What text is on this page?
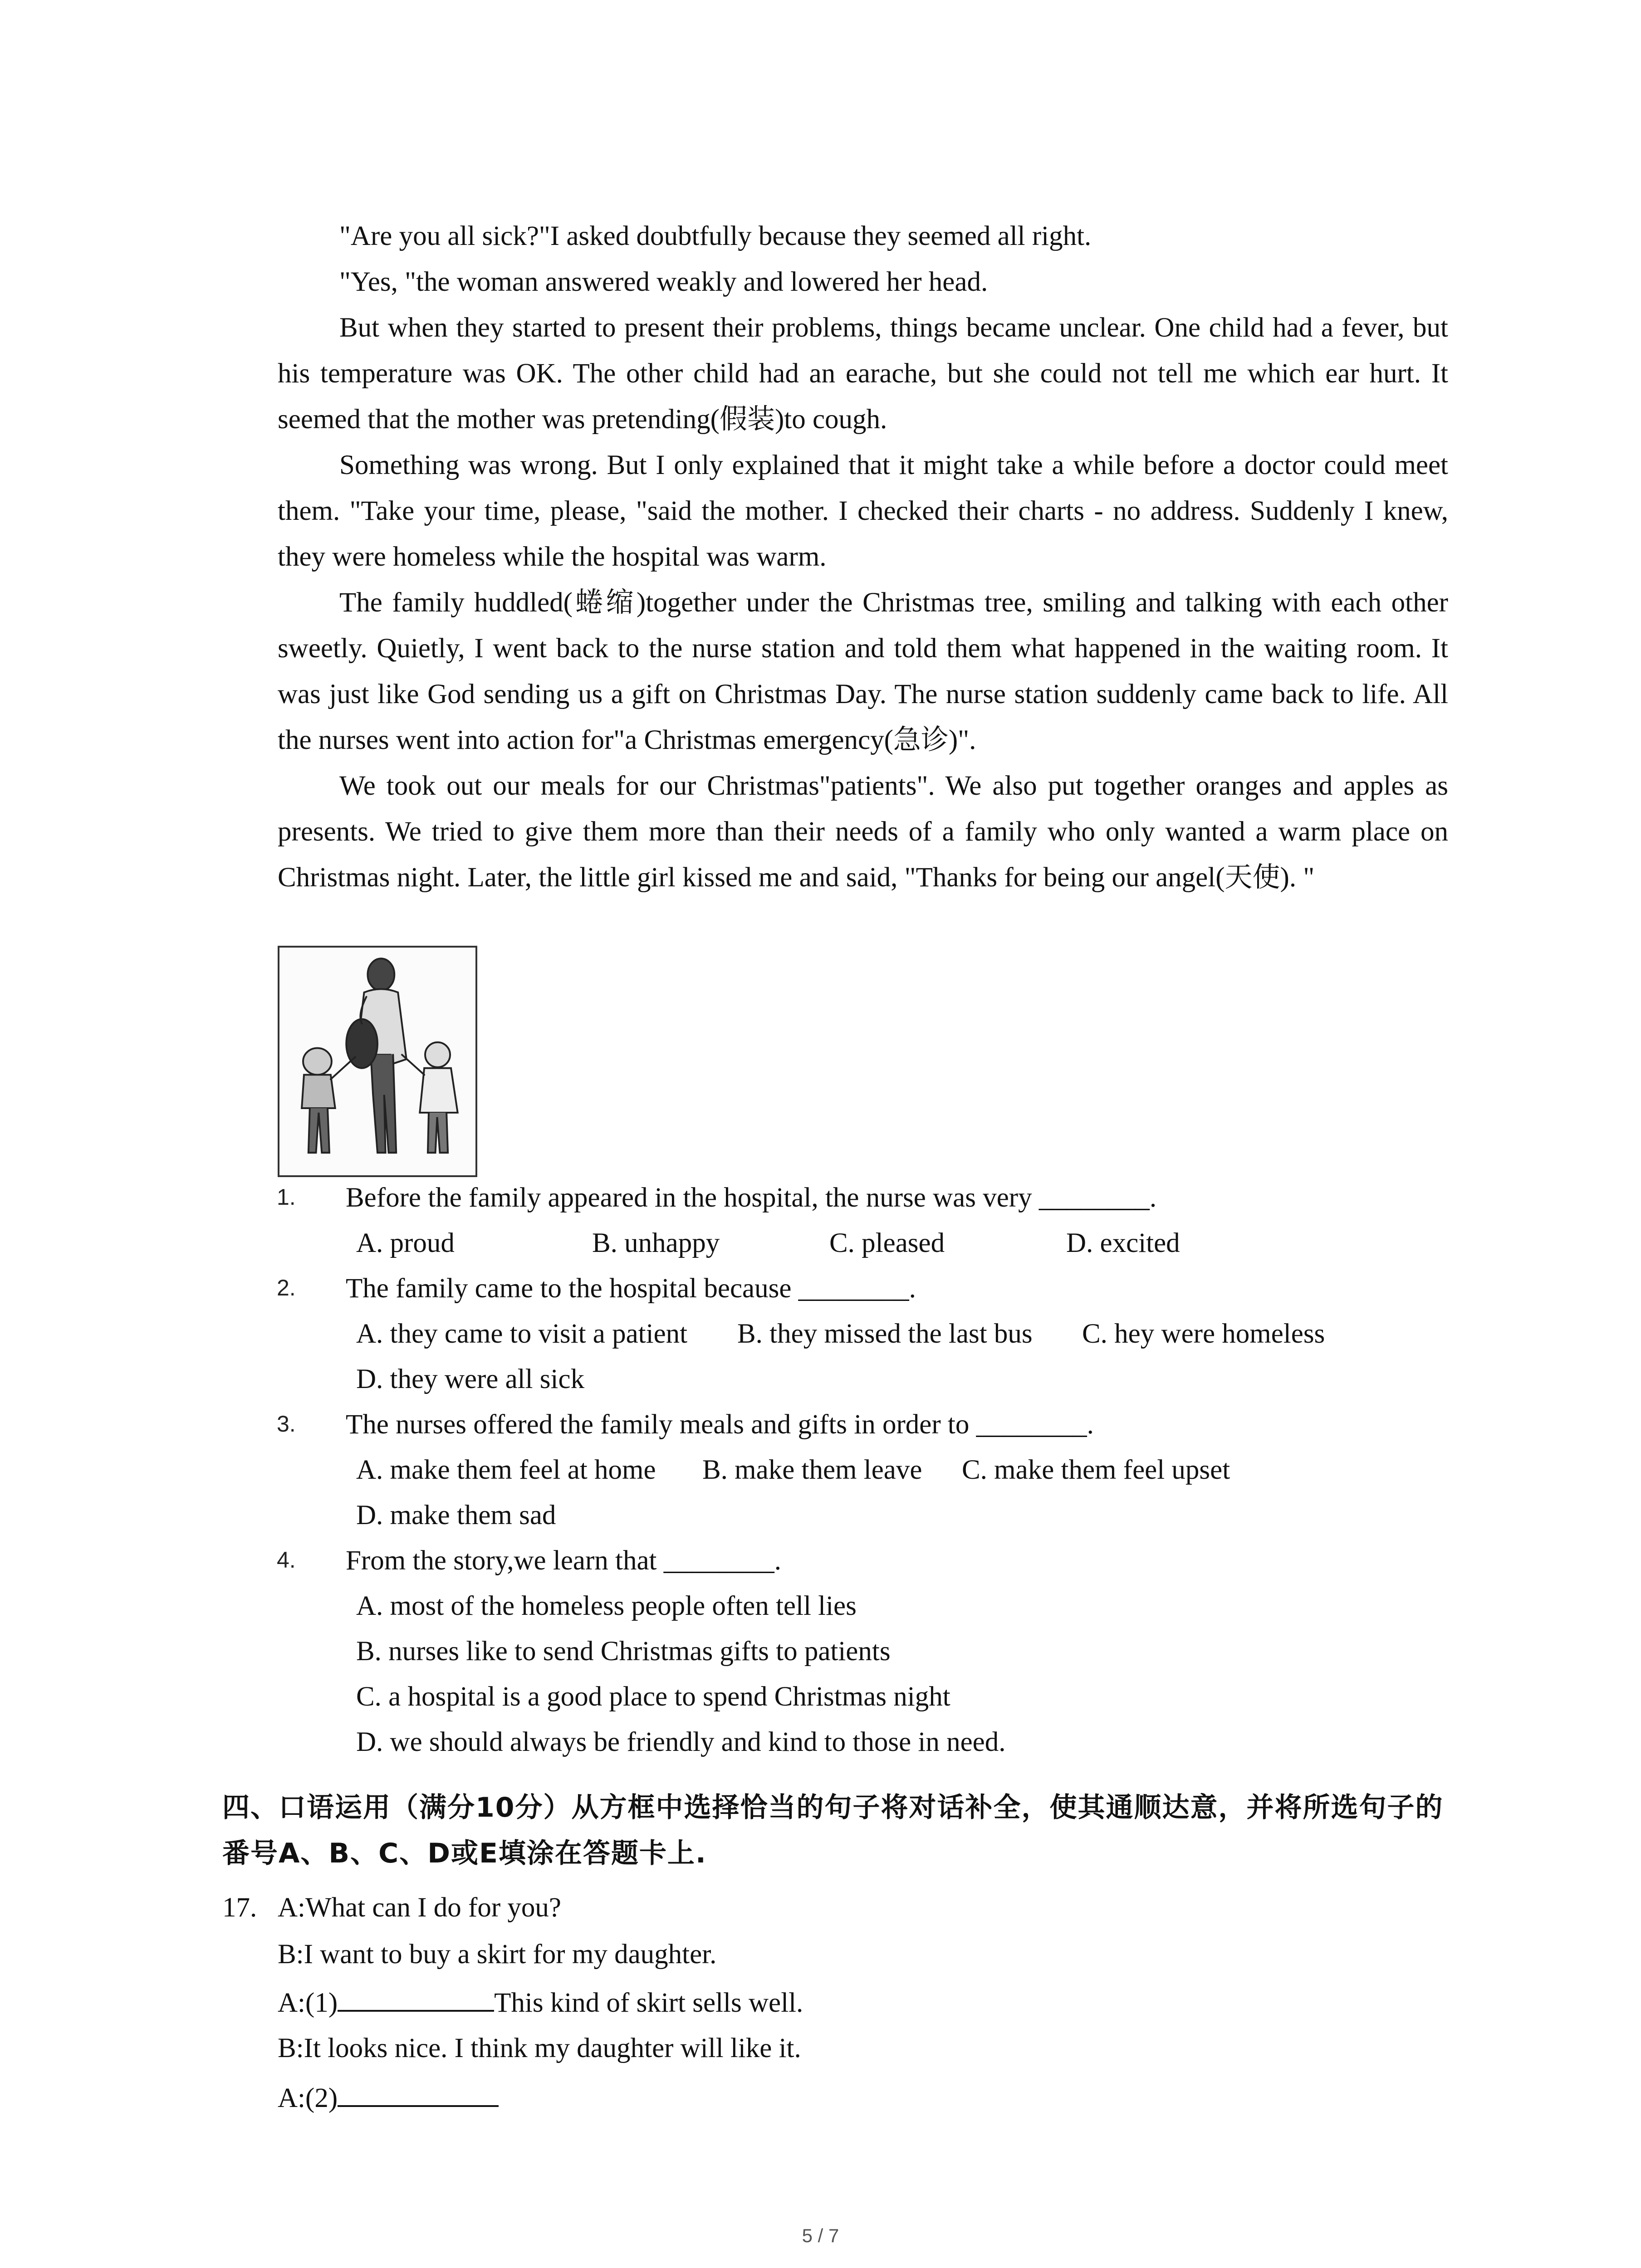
"Are you all sick?"I asked doubtfully because they seemed all right.

"Yes, "the woman answered weakly and lowered her head.

But when they started to present their problems, things became unclear. One child had a fever, but his temperature was OK. The other child had an earache, but she could not tell me which ear hurt. It seemed that the mother was pretending(假装)to cough.

Something was wrong. But I only explained that it might take a while before a doctor could meet them. "Take your time, please, "said the mother. I checked their charts - no address. Suddenly I knew, they were homeless while the hospital was warm.

The family huddled(蜷缩)together under the Christmas tree, smiling and talking with each other sweetly. Quietly, I went back to the nurse station and told them what happened in the waiting room. It was just like God sending us a gift on Christmas Day. The nurse station suddenly came back to life. All the nurses went into action for"a Christmas emergency(急诊)".

We took out our meals for our Christmas"patients". We also put together oranges and apples as presents. We tried to give them more than their needs of a family who only wanted a warm place on Christmas night. Later, the little girl kissed me and said, "Thanks for being our angel(天使). "

1. Before the family appeared in the hospital, the nurse was very ________.
A. proud	B. unhappy	C. pleased	D. excited
2. The family came to the hospital because ________.
A. they came to visit a patient B. they missed the last bus C. hey were homeless
D. they were all sick
3. The nurses offered the family meals and gifts in order to ________.
A. make them feel at home B. make them leave C. make them feel upset
D. make them sad
4. From the story,we learn that ________.
A. most of the homeless people often tell lies
B. nurses like to send Christmas gifts to patients
C. a hospital is a good place to spend Christmas night
D. we should always be friendly and kind to those in need.
四、口语运用（满分10分）从方框中选择恰当的句子将对话补全，使其通顺达意，并将所选句子的番号A、B、C、D或E填涂在答题卡上.
17. A:What can I do for you?
B:I want to buy a skirt for my daughter.
A:(1)	This kind of skirt sells well.
B:It looks nice. I think my daughter will like it.
A:(2)
5 / 7
